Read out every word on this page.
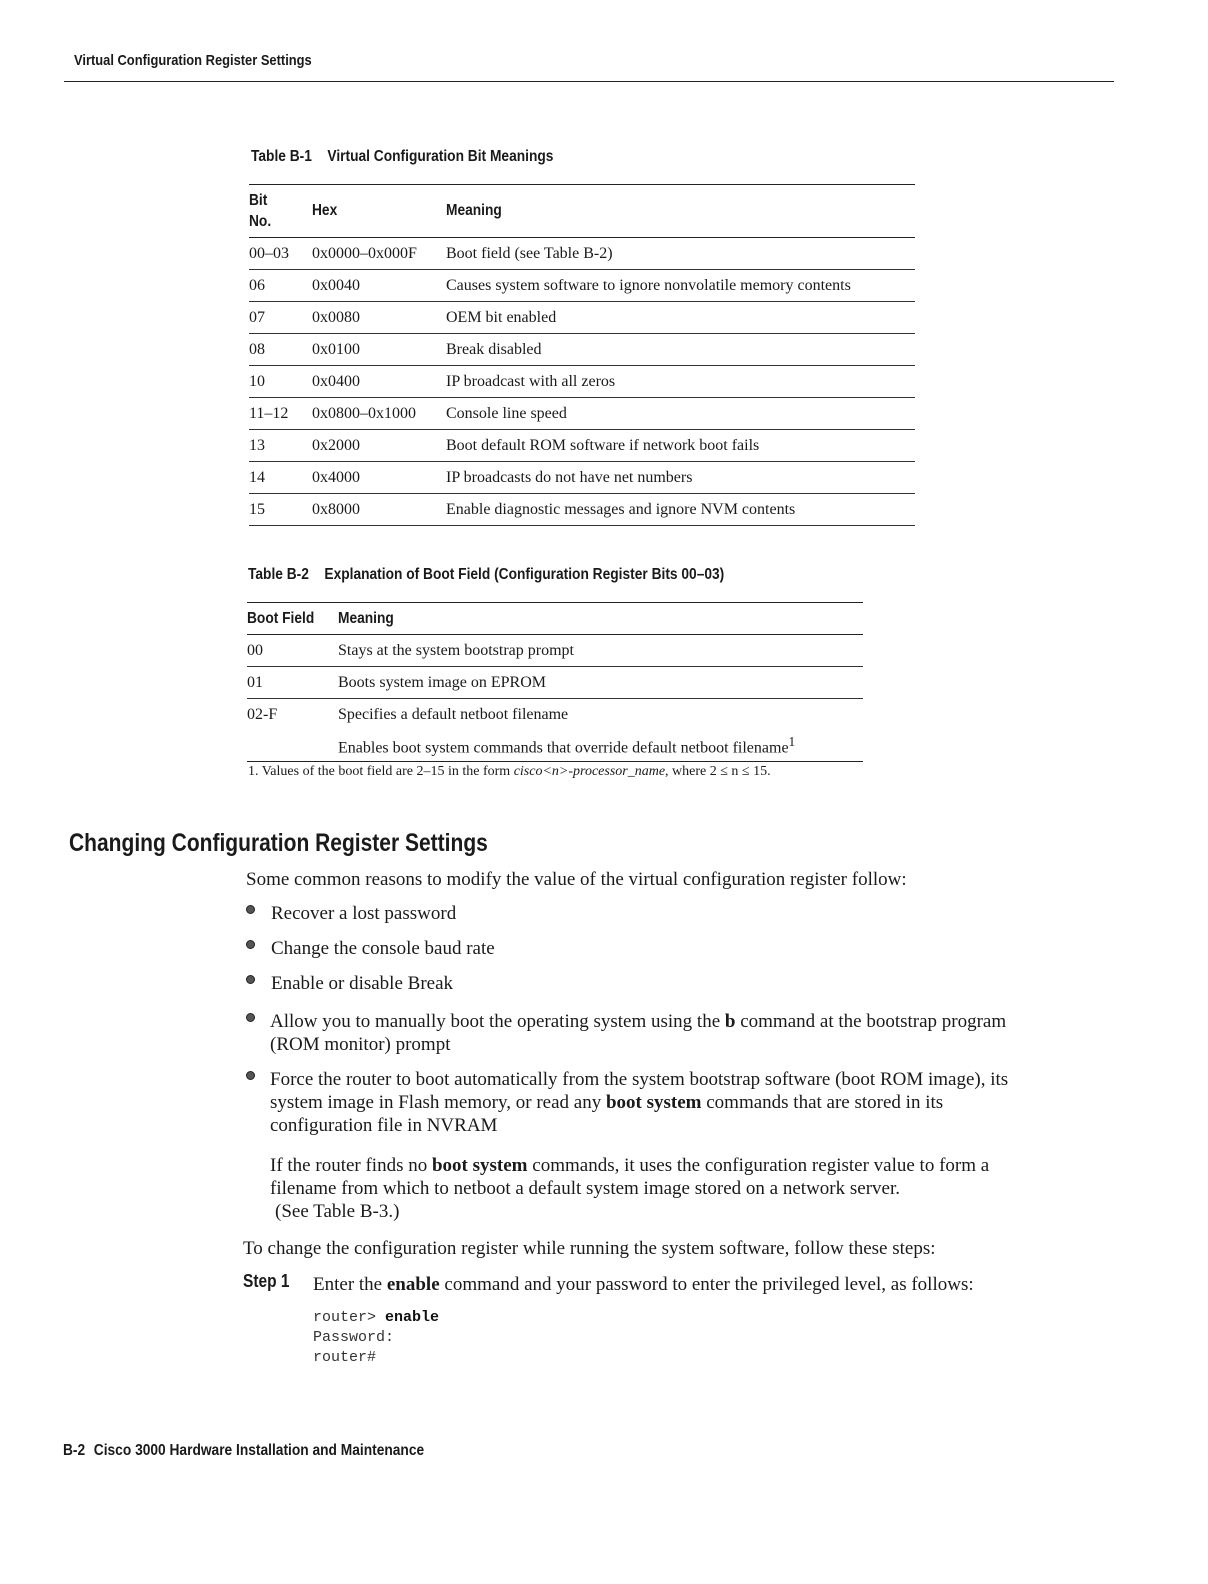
Virtual Configuration Register Settings
Table B-1 Virtual Configuration Bit Meanings
Bit No.	Hex	Meaning
00–03	0x0000–0x000F	Boot field (see Table B-2)
06	0x0040	Causes system software to ignore nonvolatile memory contents
07	0x0080	OEM bit enabled
08	0x0100	Break disabled
10	0x0400	IP broadcast with all zeros
11–12	0x0800–0x1000	Console line speed
13	0x2000	Boot default ROM software if network boot fails
14	0x4000	IP broadcasts do not have net numbers
15	0x8000	Enable diagnostic messages and ignore NVM contents
Table B-2 Explanation of Boot Field (Configuration Register Bits 00–03)
Boot Field	Meaning
00	Stays at the system bootstrap prompt
01	Boots system image on EPROM
02-F	Specifies a default netboot filename
	Enables boot system commands that override default netboot filename$^1$
1. Values of the boot field are 2–15 in the form cisco<n>-processor_name, where 2 ≤ n ≤ 15.
Changing Configuration Register Settings
Some common reasons to modify the value of the virtual configuration register follow:
Recover a lost password
Change the console baud rate
Enable or disable Break
Allow you to manually boot the operating system using the b command at the bootstrap program (ROM monitor) prompt
Force the router to boot automatically from the system bootstrap software (boot ROM image), its system image in Flash memory, or read any boot system commands that are stored in its configuration file in NVRAM
If the router finds no boot system commands, it uses the configuration register value to form a filename from which to netboot a default system image stored on a network server.
(See Table B-3.)
To change the configuration register while running the system software, follow these steps:
Step 1 Enter the enable command and your password to enter the privileged level, as follows:
router> enable
Password:
router#
B-2 Cisco 3000 Hardware Installation and Maintenance
